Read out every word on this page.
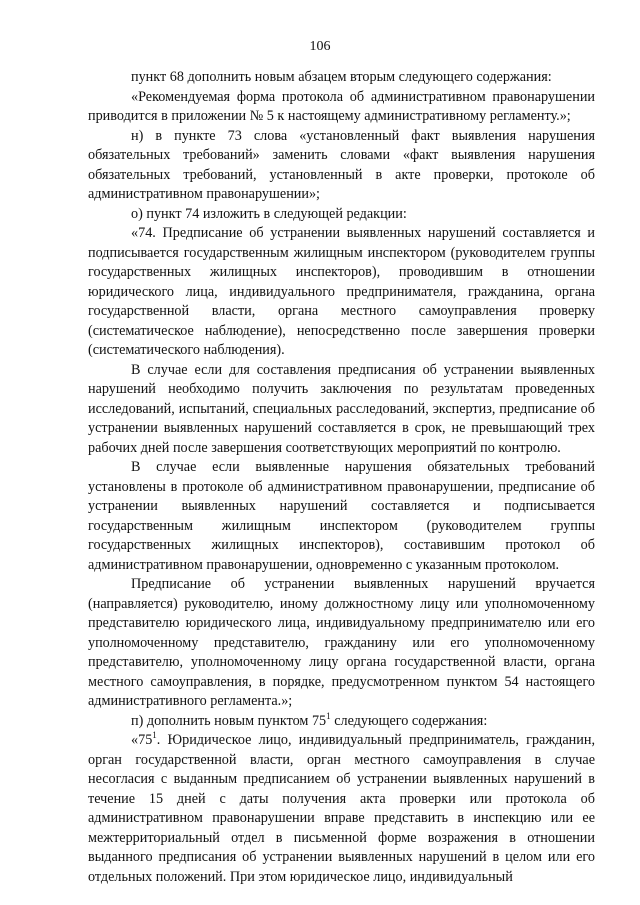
106

пункт 68 дополнить новым абзацем вторым следующего содержания:

«Рекомендуемая форма протокола об административном правонарушении приводится в приложении № 5 к настоящему административному регламенту.»;

н) в пункте 73 слова «установленный факт выявления нарушения обязательных требований» заменить словами «факт выявления нарушения обязательных требований, установленный в акте проверки, протоколе об административном правонарушении»;

о) пункт 74 изложить в следующей редакции:

«74. Предписание об устранении выявленных нарушений составляется и подписывается государственным жилищным инспектором (руководителем группы государственных жилищных инспекторов), проводившим в отношении юридического лица, индивидуального предпринимателя, гражданина, органа государственной власти, органа местного самоуправления проверку (систематическое наблюдение), непосредственно после завершения проверки (систематического наблюдения).

В случае если для составления предписания об устранении выявленных нарушений необходимо получить заключения по результатам проведенных исследований, испытаний, специальных расследований, экспертиз, предписание об устранении выявленных нарушений составляется в срок, не превышающий трех рабочих дней после завершения соответствующих мероприятий по контролю.

В случае если выявленные нарушения обязательных требований установлены в протоколе об административном правонарушении, предписание об устранении выявленных нарушений составляется и подписывается государственным жилищным инспектором (руководителем группы государственных жилищных инспекторов), составившим протокол об административном правонарушении, одновременно с указанным протоколом.

Предписание об устранении выявленных нарушений вручается (направляется) руководителю, иному должностному лицу или уполномоченному представителю юридического лица, индивидуальному предпринимателю или его уполномоченному представителю, гражданину или его уполномоченному представителю, уполномоченному лицу органа государственной власти, органа местного самоуправления, в порядке, предусмотренном пунктом 54 настоящего административного регламента.»;

п) дополнить новым пунктом $75^1$ следующего содержания:

«$75^1$. Юридическое лицо, индивидуальный предприниматель, гражданин, орган государственной власти, орган местного самоуправления в случае несогласия с выданным предписанием об устранении выявленных нарушений в течение 15 дней с даты получения акта проверки или протокола об административном правонарушении вправе представить в инспекцию или ее межтерриториальный отдел в письменной форме возражения в отношении выданного предписания об устранении выявленных нарушений в целом или его отдельных положений. При этом юридическое лицо, индивидуальный
